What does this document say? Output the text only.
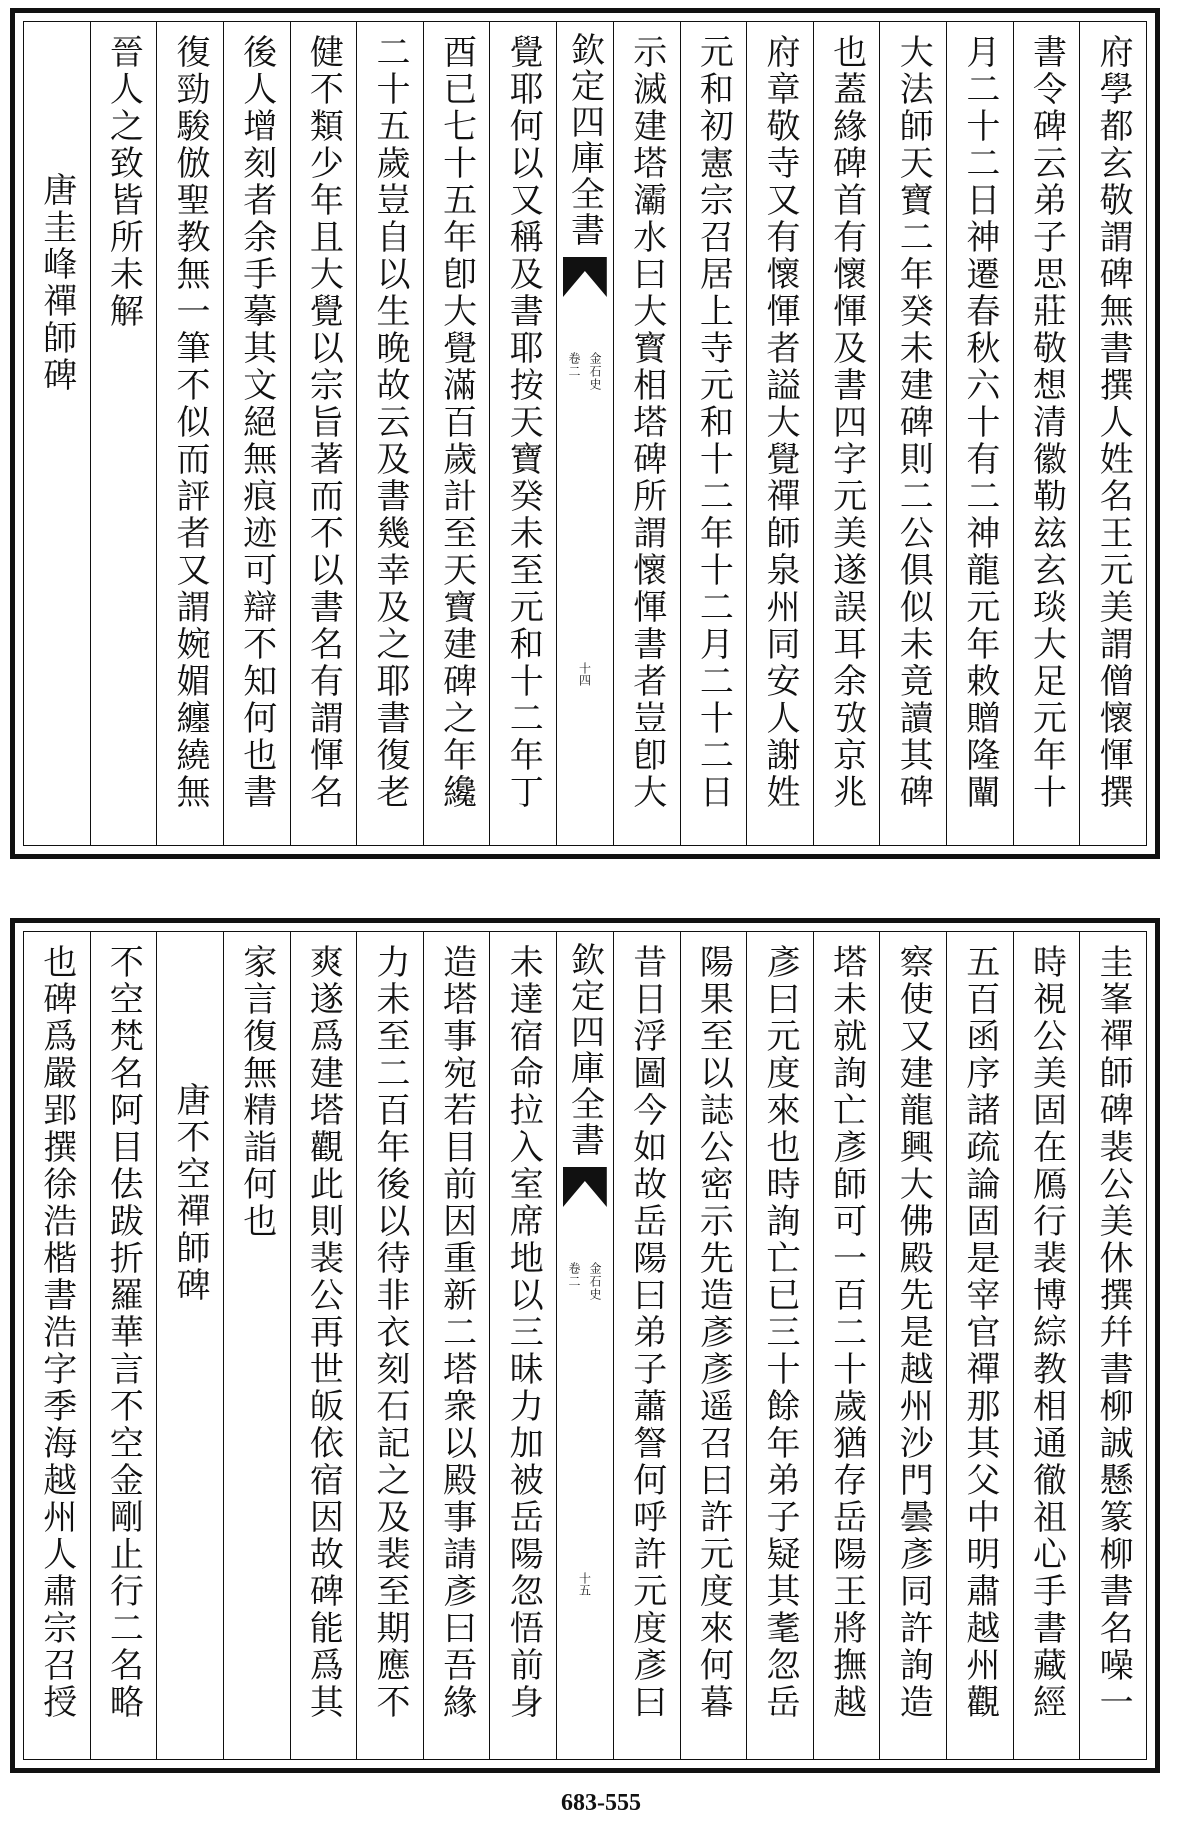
府學都玄敬謂碑無書撰人姓名王元美謂僧懷惲撰
書令碑云弟子思莊敬想清徽勒玆玄琰大足元年十
月二十二日神遷春秋六十有二神龍元年敕贈隆闡
大法師天寶二年癸未建碑則二公俱似未竟讀其碑
也蓋緣碑首有懷惲及書四字元美遂誤耳余攷京兆
府章敬寺又有懷惲者謚大覺禪師泉州同安人謝姓
元和初憲宗召居上寺元和十二年十二月二十二日
示滅建塔灞水曰大寳相塔碑所謂懷惲書者豈卽大
欽定四庫全書
金石史
卷二
十四
覺耶何以又稱及書耶按天寶癸未至元和十二年丁
酉已七十五年卽大覺滿百歲計至天寶建碑之年纔
二十五歲豈自以生晚故云及書幾幸及之耶書復老
健不類少年且大覺以宗旨著而不以書名有謂惲名
後人增刻者余手摹其文絕無痕迹可辯不知何也書
復勁駿倣聖教無一筆不似而評者又謂婉媚纏繞無
晉人之致皆所未解
唐圭峰禪師碑
圭峯禪師碑裴公美休撰幷書柳誠懸篆柳書名噪一
時視公美固在鴈行裴博綜教相通徹祖心手書藏經
五百函序諸疏論固是宰官禪那其父中明肅越州觀
察使又建龍興大佛殿先是越州沙門曇彥同許詢造
塔未就詢亡彥師可一百二十歲猶存岳陽王將撫越
彥曰元度來也時詢亡已三十餘年弟子疑其耄忽岳
陽果至以誌公密示先造彥彥遥召曰許元度來何暮
昔日浮圖今如故岳陽曰弟子蕭詧何呼許元度彥曰
欽定四庫全書
金石史
卷二
十五
未達宿命拉入室席地以三昧力加被岳陽忽悟前身
造塔事宛若目前因重新二塔衆以殿事請彥曰吾緣
力未至二百年後以待非衣刻石記之及裴至期應不
爽遂爲建塔觀此則裴公再世皈依宿因故碑能爲其
家言復無精詣何也
唐不空禪師碑
不空梵名阿目佉跋折羅華言不空金剛止行二名略
也碑爲嚴郢撰徐浩楷書浩字季海越州人肅宗召授
683-555
